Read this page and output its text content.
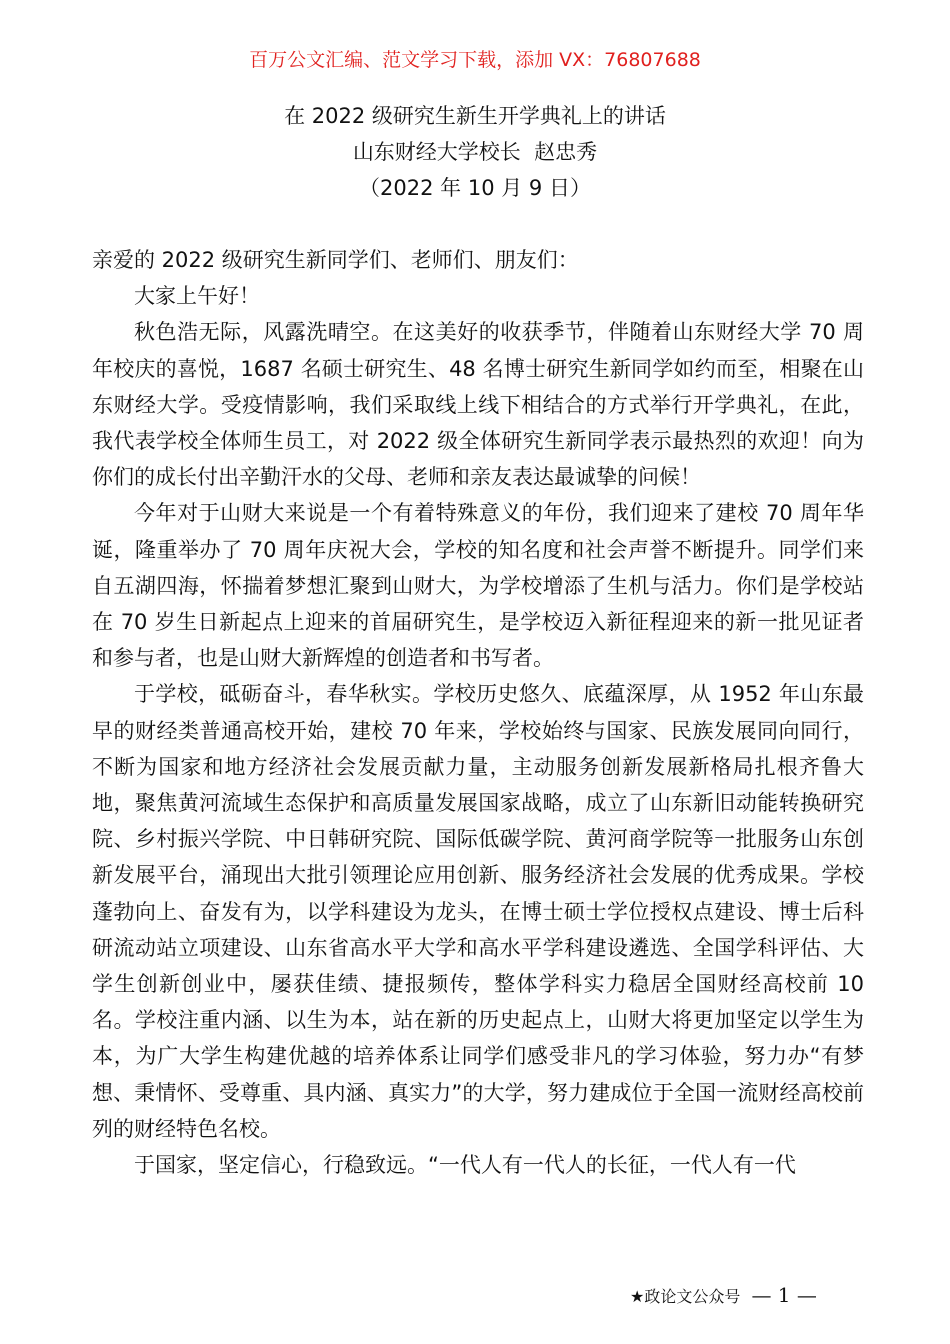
百万公文汇编、范文学习下载，添加 VX：76807688
在 2022 级研究生新生开学典礼上的讲话
山东财经大学校长  赵忠秀
（2022 年 10 月 9 日）

亲爱的 2022 级研究生新同学们、老师们、朋友们：

大家上午好！

秋色浩无际，风露洗晴空。在这美好的收获季节，伴随着山东财经大学 70 周年校庆的喜悦，1687 名硕士研究生、48 名博士研究生新同学如约而至，相聚在山东财经大学。受疫情影响，我们采取线上线下相结合的方式举行开学典礼，在此，我代表学校全体师生员工，对 2022 级全体研究生新同学表示最热烈的欢迎！向为你们的成长付出辛勤汗水的父母、老师和亲友表达最诚挚的问候！

今年对于山财大来说是一个有着特殊意义的年份，我们迎来了建校 70 周年华诞，隆重举办了 70 周年庆祝大会，学校的知名度和社会声誉不断提升。同学们来自五湖四海，怀揣着梦想汇聚到山财大，为学校增添了生机与活力。你们是学校站在 70 岁生日新起点上迎来的首届研究生，是学校迈入新征程迎来的新一批见证者和参与者，也是山财大新辉煌的创造者和书写者。

于学校，砥砺奋斗，春华秋实。学校历史悠久、底蕴深厚，从 1952 年山东最早的财经类普通高校开始，建校 70 年来，学校始终与国家、民族发展同向同行，不断为国家和地方经济社会发展贡献力量，主动服务创新发展新格局扎根齐鲁大地，聚焦黄河流域生态保护和高质量发展国家战略，成立了山东新旧动能转换研究院、乡村振兴学院、中日韩研究院、国际低碳学院、黄河商学院等一批服务山东创新发展平台，涌现出大批引领理论应用创新、服务经济社会发展的优秀成果。学校蓬勃向上、奋发有为，以学科建设为龙头，在博士硕士学位授权点建设、博士后科研流动站立项建设、山东省高水平大学和高水平学科建设遴选、全国学科评估、大学生创新创业中，屡获佳绩、捷报频传，整体学科实力稳居全国财经高校前 10 名。学校注重内涵、以生为本，站在新的历史起点上，山财大将更加坚定以学生为本，为广大学生构建优越的培养体系让同学们感受非凡的学习体验，努力办“有梦想、秉情怀、受尊重、具内涵、真实力”的大学，努力建成位于全国一流财经高校前列的财经特色名校。

于国家，坚定信心，行稳致远。“一代人有一代人的长征，一代人有一代

★政论文公众号 — 1 —
